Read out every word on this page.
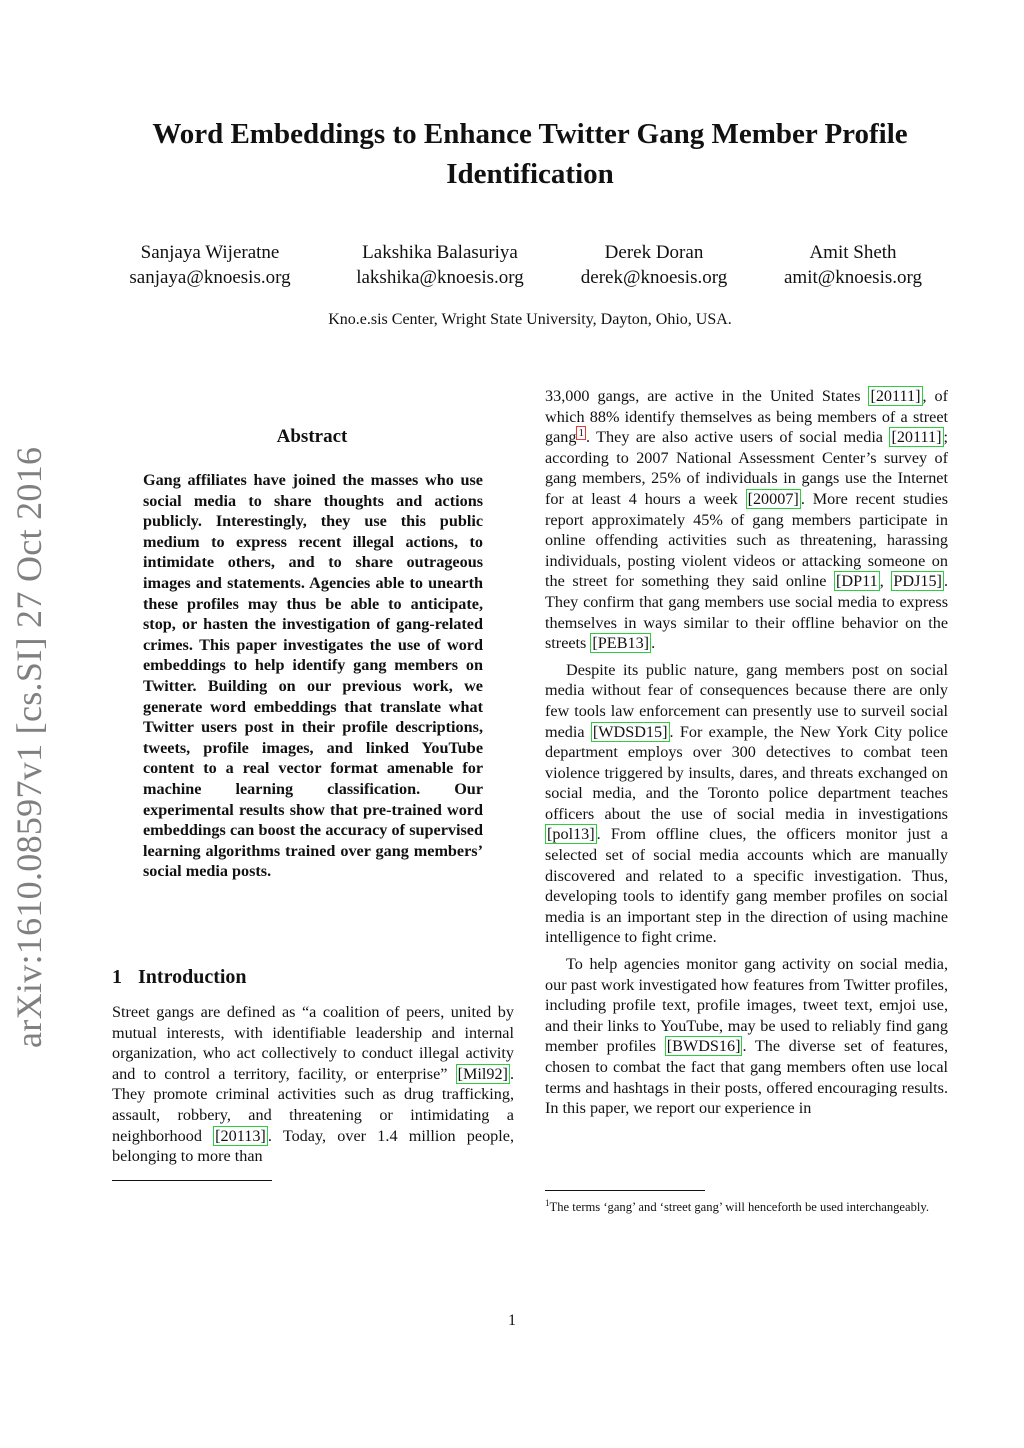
Word Embeddings to Enhance Twitter Gang Member Profile Identification
Sanjaya Wijeratne
sanjaya@knoesis.org
Lakshika Balasuriya
lakshika@knoesis.org
Derek Doran
derek@knoesis.org
Amit Sheth
amit@knoesis.org
Kno.e.sis Center, Wright State University, Dayton, Ohio, USA.
arXiv:1610.08597v1 [cs.SI] 27 Oct 2016
Abstract

Gang affiliates have joined the masses who use social media to share thoughts and actions publicly. Interestingly, they use this public medium to express recent illegal actions, to intimidate others, and to share outrageous images and statements. Agencies able to unearth these profiles may thus be able to anticipate, stop, or hasten the investigation of gang-related crimes. This paper investigates the use of word embeddings to help identify gang members on Twitter. Building on our previous work, we generate word embeddings that translate what Twitter users post in their profile descriptions, tweets, profile images, and linked YouTube content to a real vector format amenable for machine learning classification. Our experimental results show that pre-trained word embeddings can boost the accuracy of supervised learning algorithms trained over gang members’ social media posts.

1 Introduction

Street gangs are defined as “a coalition of peers, united by mutual interests, with identifiable leadership and internal organization, who act collectively to conduct illegal activity and to control a territory, facility, or enterprise” [Mil92] . They promote criminal activities such as drug trafficking, assault, robbery, and threatening or intimidating a neighborhood [20113] . Today, over 1.4 million people, belonging to more than

33,000 gangs, are active in the United States [20111] , of which 88% identify themselves as being members of a street gang $^1$ . They are also active users of social media [20111] ; according to 2007 National Assessment Center’s survey of gang members, 25% of individuals in gangs use the Internet for at least 4 hours a week [20007] . More recent studies report approximately 45% of gang members participate in online offending activities such as threatening, harassing individuals, posting violent videos or attacking someone on the street for something they said online [DP11 , PDJ15] . They confirm that gang members use social media to express themselves in ways similar to their offline behavior on the streets [PEB13] .

Despite its public nature, gang members post on social media without fear of consequences because there are only few tools law enforcement can presently use to surveil social media [WDSD15] . For example, the New York City police department employs over 300 detectives to combat teen violence triggered by insults, dares, and threats exchanged on social media, and the Toronto police department teaches officers about the use of social media in investigations [pol13] . From offline clues, the officers monitor just a selected set of social media accounts which are manually discovered and related to a specific investigation. Thus, developing tools to identify gang member profiles on social media is an important step in the direction of using machine intelligence to fight crime.

To help agencies monitor gang activity on social media, our past work investigated how features from Twitter profiles, including profile text, profile images, tweet text, emjoi use, and their links to YouTube, may be used to reliably find gang member profiles [BWDS16] . The diverse set of features, chosen to combat the fact that gang members often use local terms and hashtags in their posts, offered encouraging results. In this paper, we report our experience in

$^1$The terms ‘gang’ and ‘street gang’ will henceforth be used interchangeably.

1
